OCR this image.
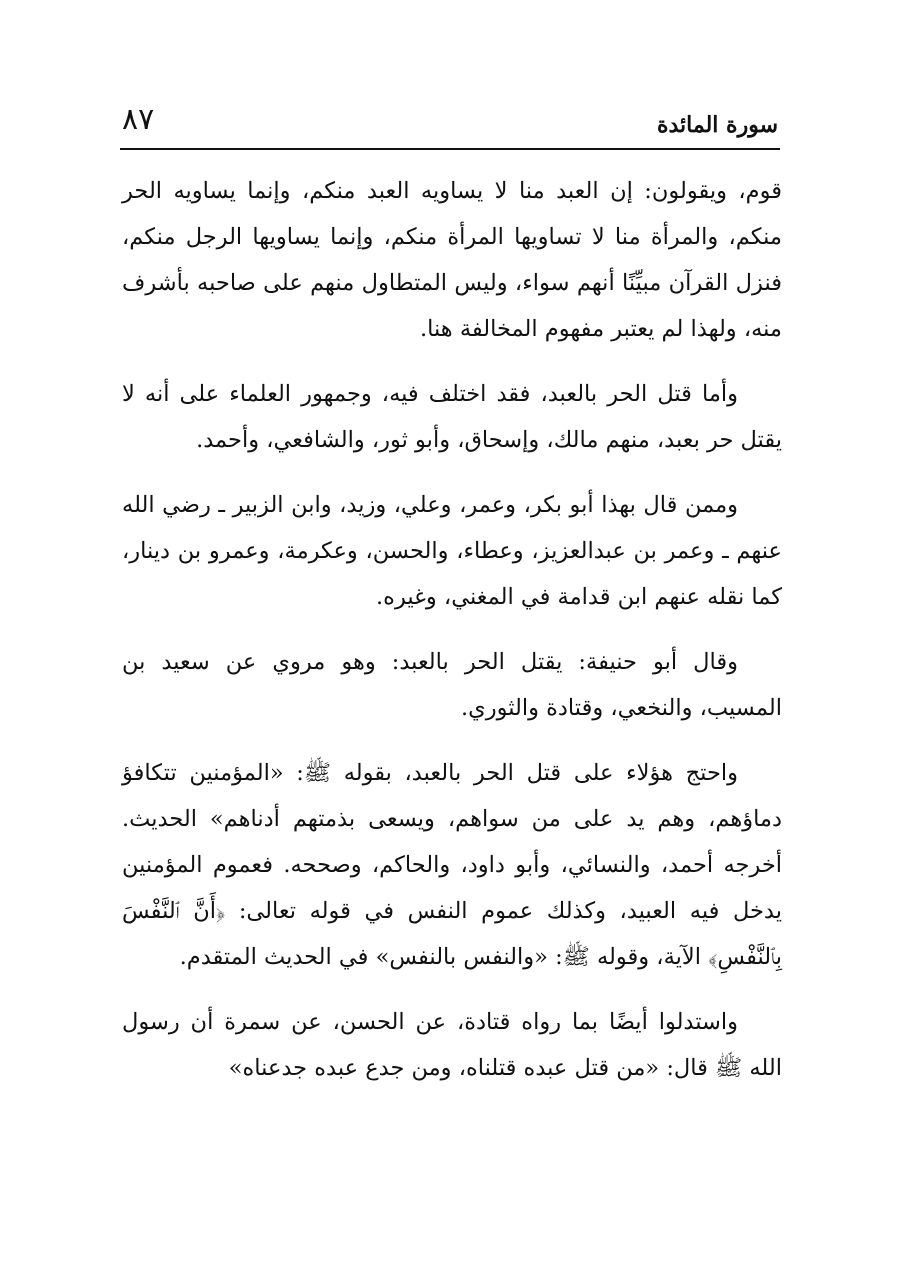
سورة المائدة
٨٧

قوم، ويقولون: إن العبد منا لا يساويه العبد منكم، وإنما يساويه الحر منكم، والمرأة منا لا تساويها المرأة منكم، وإنما يساويها الرجل منكم، فنزل القرآن مبيِّنًا أنهم سواء، وليس المتطاول منهم على صاحبه بأشرف منه، ولهذا لم يعتبر مفهوم المخالفة هنا.

وأما قتل الحر بالعبد، فقد اختلف فيه، وجمهور العلماء على أنه لا يقتل حر بعبد، منهم مالك، وإسحاق، وأبو ثور، والشافعي، وأحمد.

وممن قال بهذا أبو بكر، وعمر، وعلي، وزيد، وابن الزبير ـ رضي الله عنهم ـ وعمر بن عبدالعزيز، وعطاء، والحسن، وعكرمة، وعمرو بن دينار، كما نقله عنهم ابن قدامة في المغني، وغيره.

وقال أبو حنيفة: يقتل الحر بالعبد: وهو مروي عن سعيد بن المسيب، والنخعي، وقتادة والثوري.

واحتج هؤلاء على قتل الحر بالعبد، بقوله ﷺ: «المؤمنين تتكافؤ دماؤهم، وهم يد على من سواهم، ويسعى بذمتهم أدناهم» الحديث. أخرجه أحمد، والنسائي، وأبو داود، والحاكم، وصححه. فعموم المؤمنين يدخل فيه العبيد، وكذلك عموم النفس في قوله تعالى: ﴿أَنَّ ٱلنَّفْسَ بِٱلنَّفْسِ﴾ الآية، وقوله ﷺ: «والنفس بالنفس» في الحديث المتقدم.

واستدلوا أيضًا بما رواه قتادة، عن الحسن، عن سمرة أن رسول الله ﷺ قال: «من قتل عبده قتلناه، ومن جدع عبده جدعناه»
